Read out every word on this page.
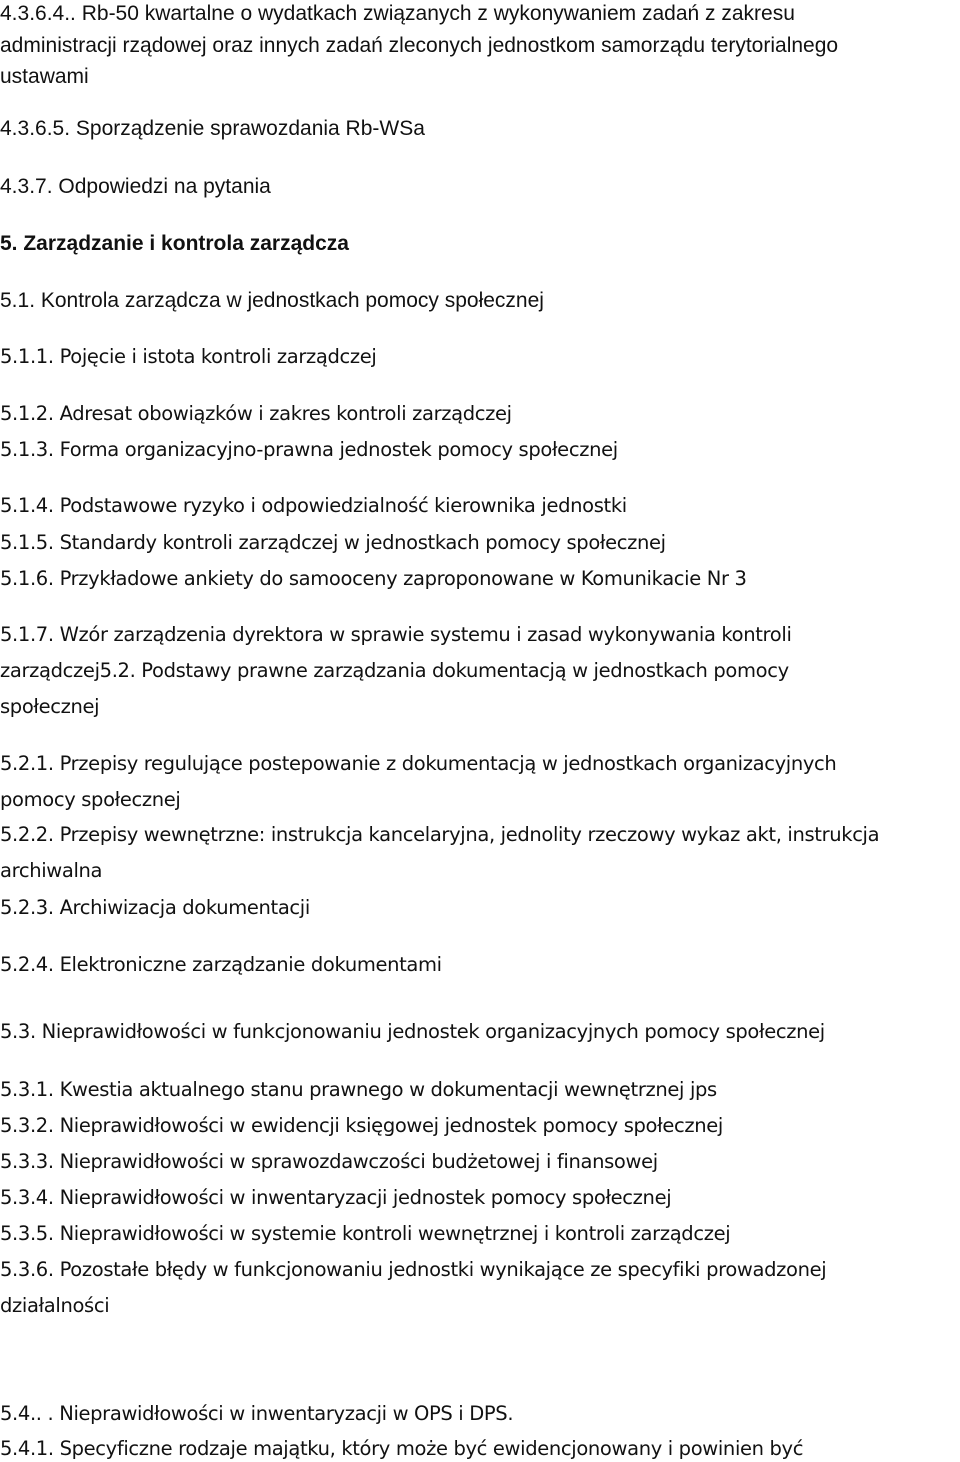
4.3.6.4.. Rb-50 kwartalne o wydatkach związanych z wykonywaniem zadań z zakresu
administracji rządowej oraz innych zadań zleconych jednostkom samorządu terytorialnego
ustawami
4.3.6.5. Sporządzenie sprawozdania Rb-WSa
4.3.7. Odpowiedzi na pytania
5. Zarządzanie i kontrola zarządcza
5.1. Kontrola zarządcza w jednostkach pomocy społecznej
5.1.1. Pojęcie i istota kontroli zarządczej
5.1.2. Adresat obowiązków i zakres kontroli zarządczej
5.1.3. Forma organizacyjno-prawna jednostek pomocy społecznej
5.1.4. Podstawowe ryzyko i odpowiedzialność kierownika jednostki
5.1.5. Standardy kontroli zarządczej w jednostkach pomocy społecznej
5.1.6. Przykładowe ankiety do samooceny zaproponowane w Komunikacie Nr 3
5.1.7. Wzór zarządzenia dyrektora w sprawie systemu i zasad wykonywania kontroli
zarządczej5.2. Podstawy prawne zarządzania dokumentacją w jednostkach pomocy
społecznej
5.2.1. Przepisy regulujące postepowanie z dokumentacją w jednostkach organizacyjnych
pomocy społecznej
5.2.2. Przepisy wewnętrzne: instrukcja kancelaryjna, jednolity rzeczowy wykaz akt, instrukcja
archiwalna
5.2.3. Archiwizacja dokumentacji
5.2.4. Elektroniczne zarządzanie dokumentami
5.3. Nieprawidłowości w funkcjonowaniu jednostek organizacyjnych pomocy społecznej
5.3.1. Kwestia aktualnego stanu prawnego w dokumentacji wewnętrznej jps
5.3.2. Nieprawidłowości w ewidencji księgowej jednostek pomocy społecznej
5.3.3. Nieprawidłowości w sprawozdawczości budżetowej i finansowej
5.3.4. Nieprawidłowości w inwentaryzacji jednostek pomocy społecznej
5.3.5. Nieprawidłowości w systemie kontroli wewnętrznej i kontroli zarządczej
5.3.6. Pozostałe błędy w funkcjonowaniu jednostki wynikające ze specyfiki prowadzonej
działalności
5.4.. . Nieprawidłowości w inwentaryzacji w OPS i DPS.
5.4.1. Specyficzne rodzaje majątku, który może być ewidencjonowany i powinien być
